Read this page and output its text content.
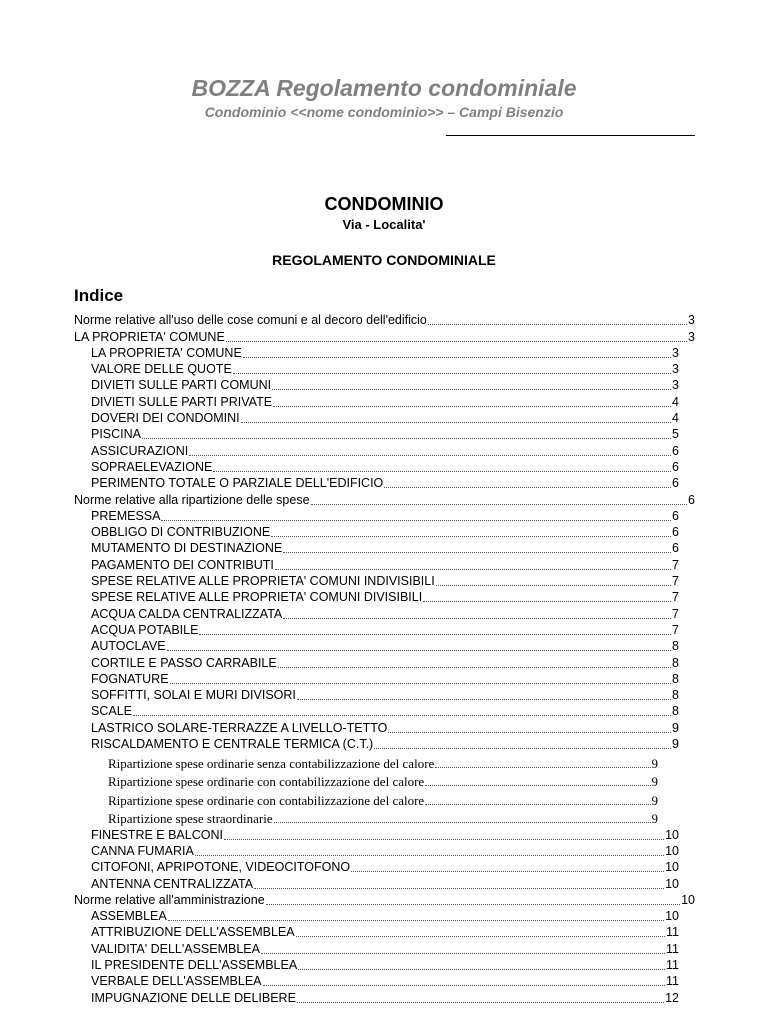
BOZZA Regolamento condominiale
Condominio <<nome condominio>> – Campi Bisenzio
CONDOMINIO
Via - Localita'
REGOLAMENTO CONDOMINIALE
Indice
Norme relative all'uso delle cose comuni e al decoro dell'edificio	3
LA PROPRIETA' COMUNE	3
LA PROPRIETA' COMUNE	3
VALORE DELLE QUOTE	3
DIVIETI SULLE PARTI COMUNI	3
DIVIETI SULLE PARTI PRIVATE	4
DOVERI DEI CONDOMINI	4
PISCINA	5
ASSICURAZIONI	6
SOPRAELEVAZIONE	6
PERIMENTO TOTALE O PARZIALE DELL'EDIFICIO	6
Norme relative alla ripartizione delle spese	6
PREMESSA	6
OBBLIGO DI CONTRIBUZIONE	6
MUTAMENTO DI DESTINAZIONE	6
PAGAMENTO DEI CONTRIBUTI	7
SPESE RELATIVE ALLE PROPRIETA' COMUNI INDIVISIBILI	7
SPESE RELATIVE ALLE PROPRIETA' COMUNI DIVISIBILI	7
ACQUA CALDA CENTRALIZZATA	7
ACQUA POTABILE	7
AUTOCLAVE	8
CORTILE E PASSO CARRABILE	8
FOGNATURE	8
SOFFITTI, SOLAI E MURI DIVISORI	8
SCALE	8
LASTRICO SOLARE-TERRAZZE A LIVELLO-TETTO	9
RISCALDAMENTO E CENTRALE TERMICA (C.T.)	9
Ripartizione spese ordinarie senza contabilizzazione del calore	9
Ripartizione spese ordinarie con contabilizzazione del calore	9
Ripartizione spese ordinarie con contabilizzazione del calore	9
Ripartizione spese straordinarie	9
FINESTRE E BALCONI	10
CANNA FUMARIA	10
CITOFONI, APRIPOTONE, VIDEOCITOFONO	10
ANTENNA CENTRALIZZATA	10
Norme relative all'amministrazione	10
ASSEMBLEA	10
ATTRIBUZIONE DELL'ASSEMBLEA	11
VALIDITA' DELL'ASSEMBLEA	11
IL PRESIDENTE DELL'ASSEMBLEA	11
VERBALE DELL'ASSEMBLEA	11
IMPUGNAZIONE DELLE DELIBERE	12
